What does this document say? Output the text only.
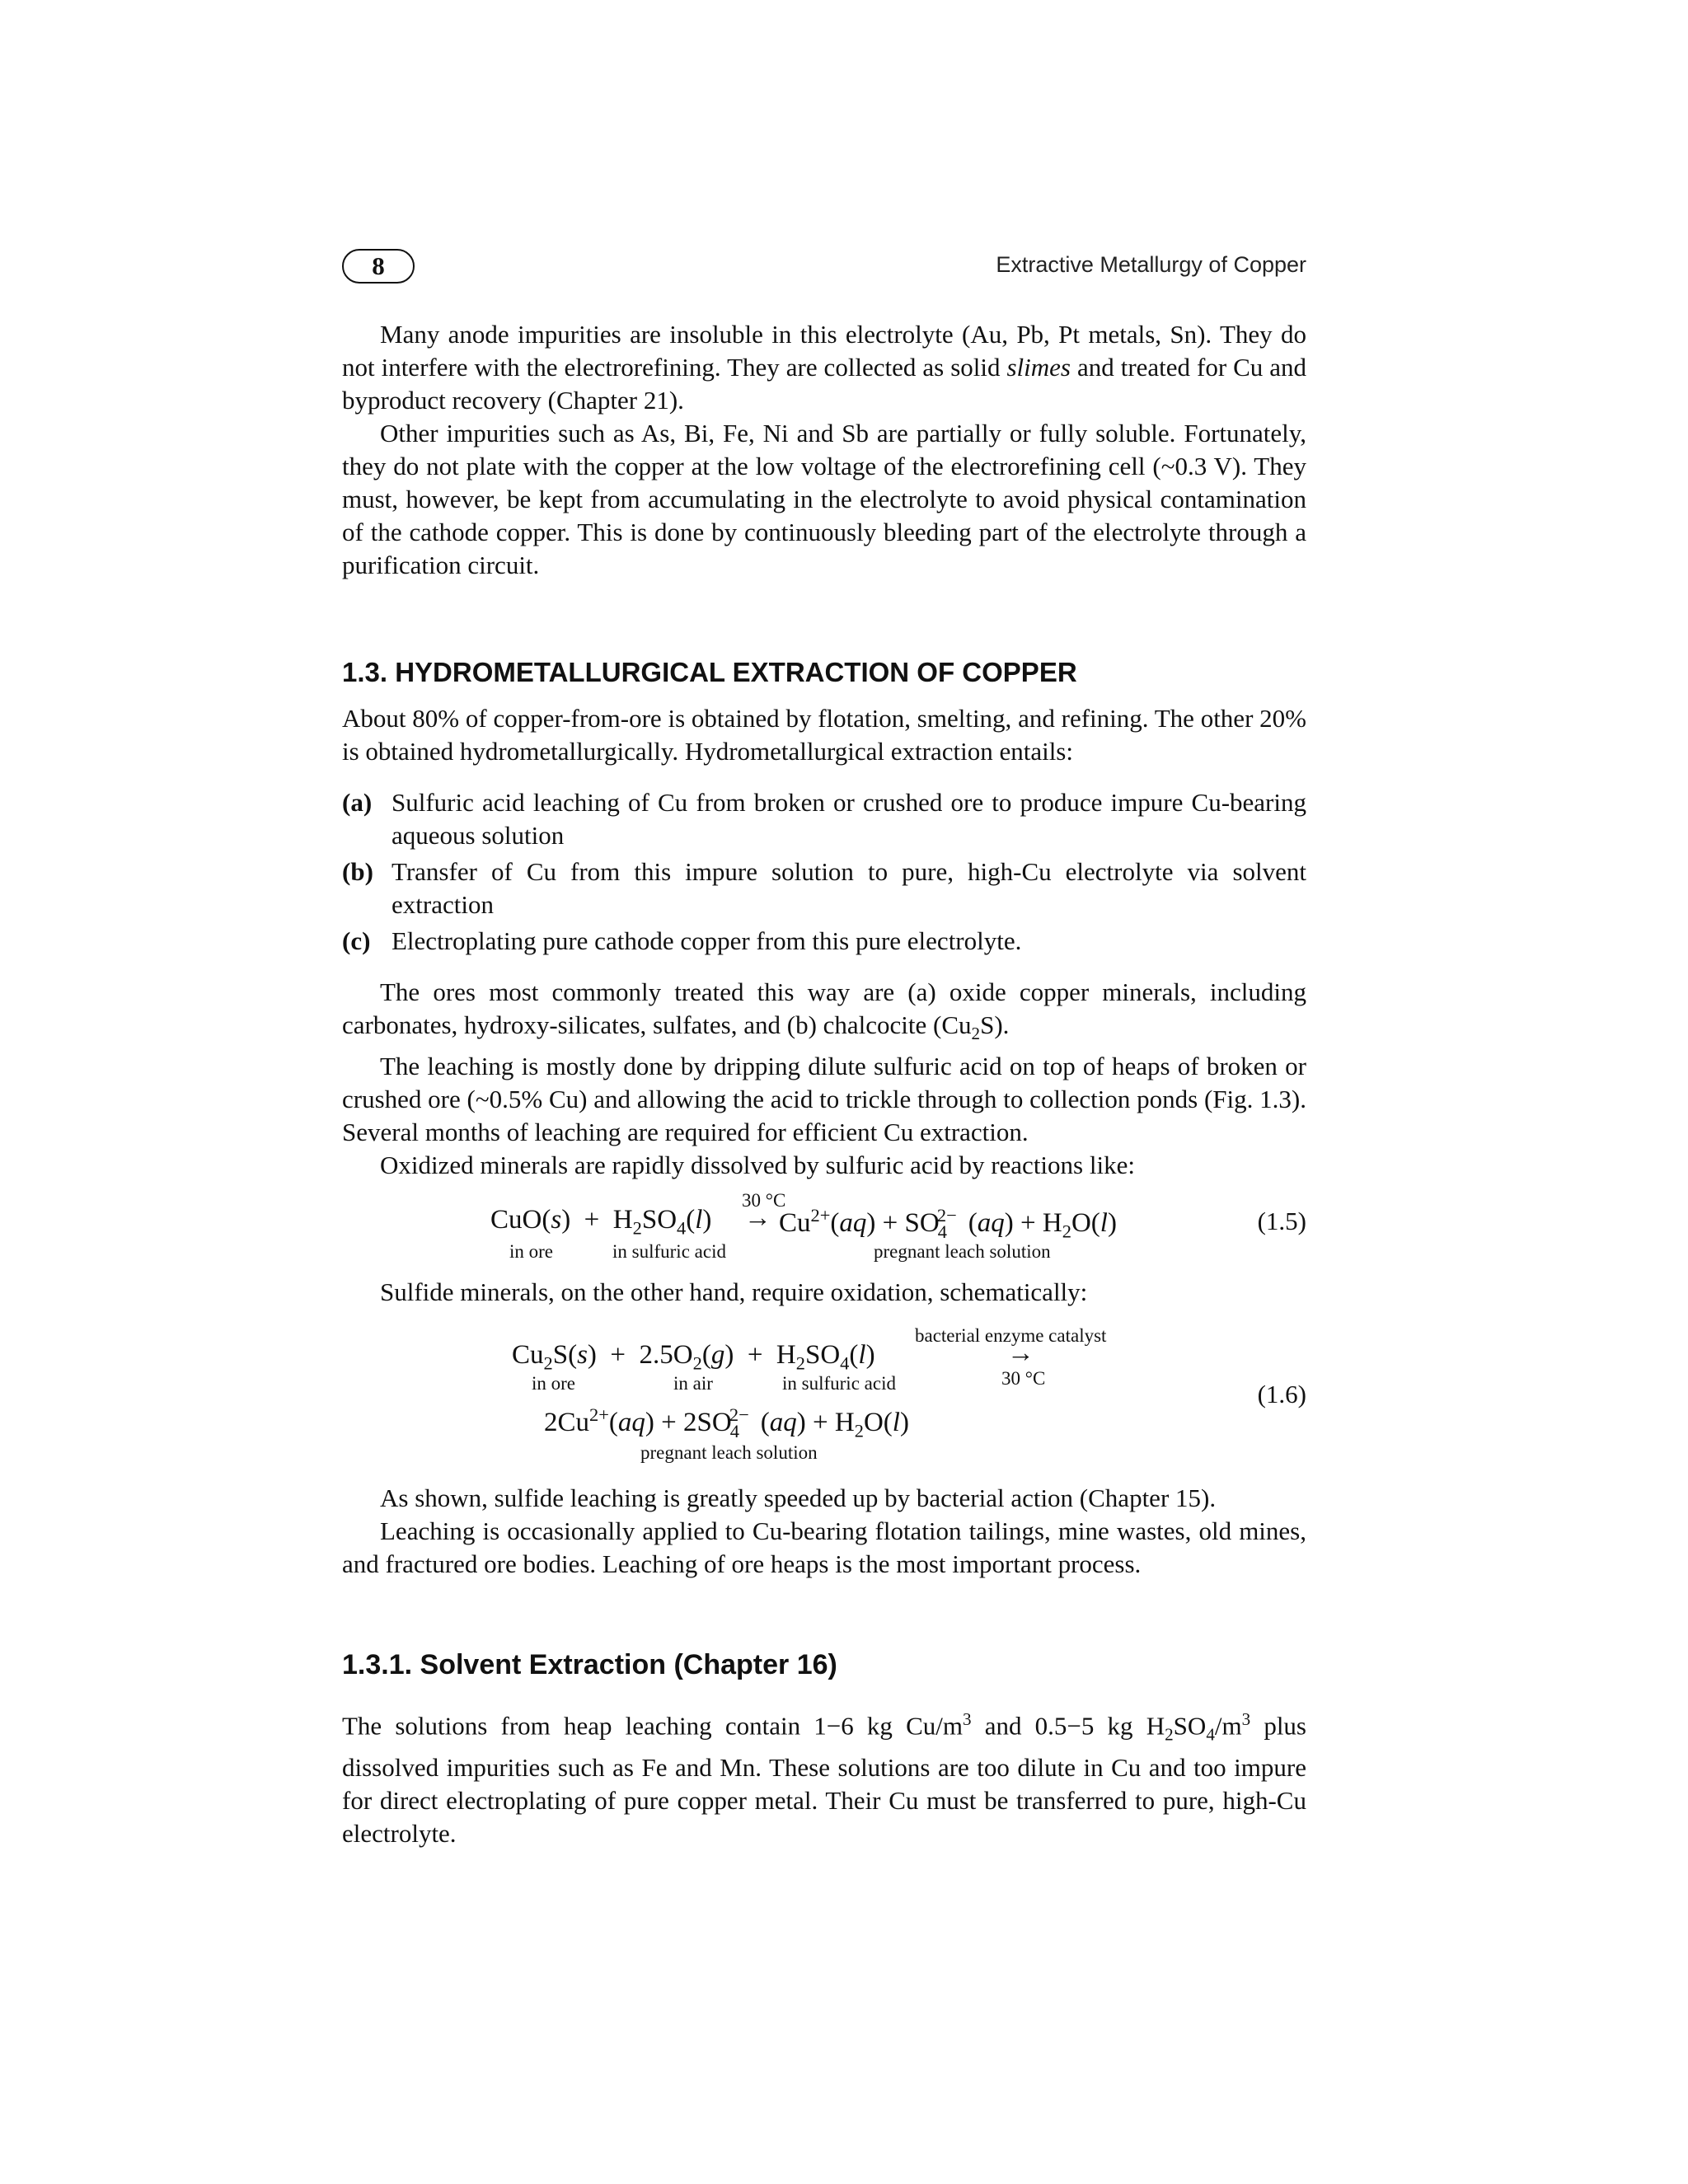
8	Extractive Metallurgy of Copper

Many anode impurities are insoluble in this electrolyte (Au, Pb, Pt metals, Sn). They do not interfere with the electrorefining. They are collected as solid slimes and treated for Cu and byproduct recovery (Chapter 21).

Other impurities such as As, Bi, Fe, Ni and Sb are partially or fully soluble. Fortunately, they do not plate with the copper at the low voltage of the electrorefining cell (~0.3 V). They must, however, be kept from accumulating in the electrolyte to avoid physical contamination of the cathode copper. This is done by continuously bleeding part of the electrolyte through a purification circuit.

1.3. HYDROMETALLURGICAL EXTRACTION OF COPPER

About 80% of copper-from-ore is obtained by flotation, smelting, and refining. The other 20% is obtained hydrometallurgically. Hydrometallurgical extraction entails:

(a) Sulfuric acid leaching of Cu from broken or crushed ore to produce impure Cu-bearing aqueous solution
(b) Transfer of Cu from this impure solution to pure, high-Cu electrolyte via solvent extraction
(c) Electroplating pure cathode copper from this pure electrolyte.

The ores most commonly treated this way are (a) oxide copper minerals, including carbonates, hydroxy-silicates, sulfates, and (b) chalcocite $(Cu_2S)$.

The leaching is mostly done by dripping dilute sulfuric acid on top of heaps of broken or crushed ore (~0.5% Cu) and allowing the acid to trickle through to collection ponds (Fig. 1.3). Several months of leaching are required for efficient Cu extraction.

Oxidized minerals are rapidly dissolved by sulfuric acid by reactions like:

$CuO(s) + H_2SO_4(l)$
30 °C
→ $Cu^{2+}(aq) + SO_4^{2-}$ $(aq) + H_2O(l)$	(1.5)
in ore	in sulfuric acid	pregnant leach solution

Sulfide minerals, on the other hand, require oxidation, schematically:

$Cu_2S(s) + 2.5O_2(g) + H_2SO_4(l)$
bacterial enzyme catalyst
→
30 °C
in ore	in air	in sulfuric acid	(1.6)
$2Cu^{2+}(aq) + 2SO_4^{2-}$ $(aq) + H_2O(l)$
pregnant leach solution

As shown, sulfide leaching is greatly speeded up by bacterial action (Chapter 15).

Leaching is occasionally applied to Cu-bearing flotation tailings, mine wastes, old mines, and fractured ore bodies. Leaching of ore heaps is the most important process.

1.3.1. Solvent Extraction (Chapter 16)

The solutions from heap leaching contain 1−6 kg $Cu/m^3$ and 0.5−5 kg $H_2SO_4/m^3$ plus dissolved impurities such as Fe and Mn. These solutions are too dilute in Cu and too impure for direct electroplating of pure copper metal. Their Cu must be transferred to pure, high-Cu electrolyte.
